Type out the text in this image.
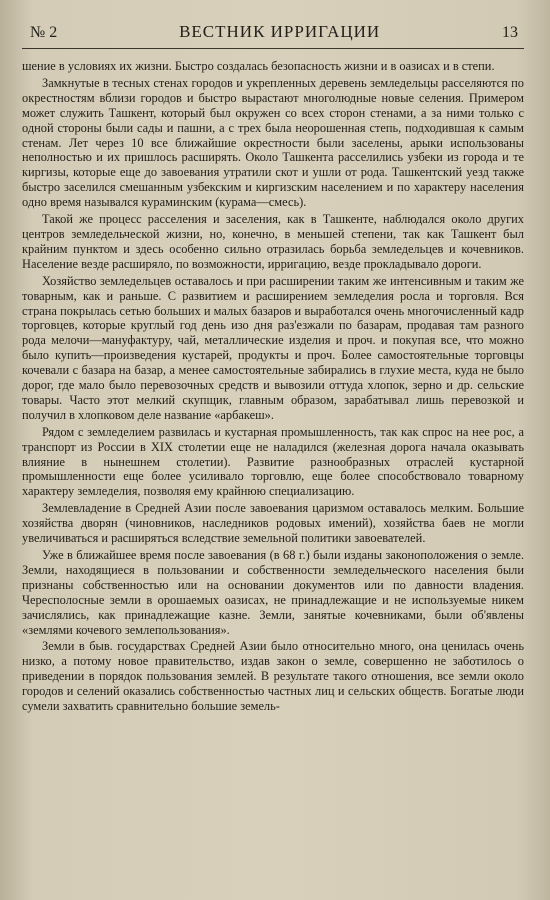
№ 2	ВЕСТНИК ИРРИГАЦИИ	13

шение в условиях их жизни. Быстро создалась безопасность жизни и в оазисах и в степи.

Замкнутые в тесных стенах городов и укрепленных деревень земледельцы расселяются по окрестностям вблизи городов и быстро вырастают многолюдные новые селения. Примером может служить Ташкент, который был окружен со всех сторон стенами, а за ними только с одной стороны были сады и пашни, а с трех была неорошенная степь, подходившая к самым стенам. Лет через 10 все ближайшие окрестности были заселены, арыки использованы неполностью и их пришлось расширять. Около Ташкента расселились узбеки из города и те киргизы, которые еще до завоевания утратили скот и ушли от рода. Ташкентский уезд также быстро заселился смешанным узбекским и киргизским населением и по характеру населения одно время назывался кураминским (курама—смесь).

Такой же процесс расселения и заселения, как в Ташкенте, наблюдался около других центров земледельческой жизни, но, конечно, в меньшей степени, так как Ташкент был крайним пунктом и здесь особенно сильно отразилась борьба земледельцев и кочевников. Население везде расширяло, по возможности, ирригацию, везде прокладывало дороги.

Хозяйство земледельцев оставалось и при расширении таким же интенсивным и таким же товарным, как и раньше. С развитием и расширением земледелия росла и торговля. Вся страна покрылась сетью больших и малых базаров и выработался очень многочисленный кадр торговцев, которые круглый год день изо дня раз'езжали по базарам, продавая там разного рода мелочи—мануфактуру, чай, металлические изделия и проч. и покупая все, что можно было купить—произведения кустарей, продукты и проч. Более самостоятельные торговцы кочевали с базара на базар, а менее самостоятельные забирались в глухие места, куда не было дорог, где мало было перевозочных средств и вывозили оттуда хлопок, зерно и др. сельские товары. Часто этот мелкий скупщик, главным образом, зарабатывал лишь перевозкой и получил в хлопковом деле название «арбакеш».

Рядом с земледелием развилась и кустарная промышленность, так как спрос на нее рос, а транспорт из России в XIX столетии еще не наладился (железная дорога начала оказывать влияние в нынешнем столетии). Развитие разнообразных отраслей кустарной промышленности еще более усиливало торговлю, еще более способствовало товарному характеру земледелия, позволяя ему крайнюю специализацию.

Землевладение в Средней Азии после завоевания царизмом оставалось мелким. Большие хозяйства дворян (чиновников, наследников родовых имений), хозяйства баев не могли увеличиваться и расширяться вследствие земельной политики завоевателей.

Уже в ближайшее время после завоевания (в 68 г.) были изданы законоположения о земле. Земли, находящиеся в пользовании и собственности земледельческого населения были признаны собственностью или на основании документов или по давности владения. Чересполосные земли в орошаемых оазисах, не принадлежащие и не используемые никем зачислялись, как принадлежащие казне. Земли, занятые кочевниками, были об'явлены «землями кочевого землепользования».

Земли в быв. государствах Средней Азии было относительно много, она ценилась очень низко, а потому новое правительство, издав закон о земле, совершенно не заботилось о приведении в порядок пользования землей. В результате такого отношения, все земли около городов и селений оказались собственностью частных лиц и сельских обществ. Богатые люди сумели захватить сравнительно большие земель-
